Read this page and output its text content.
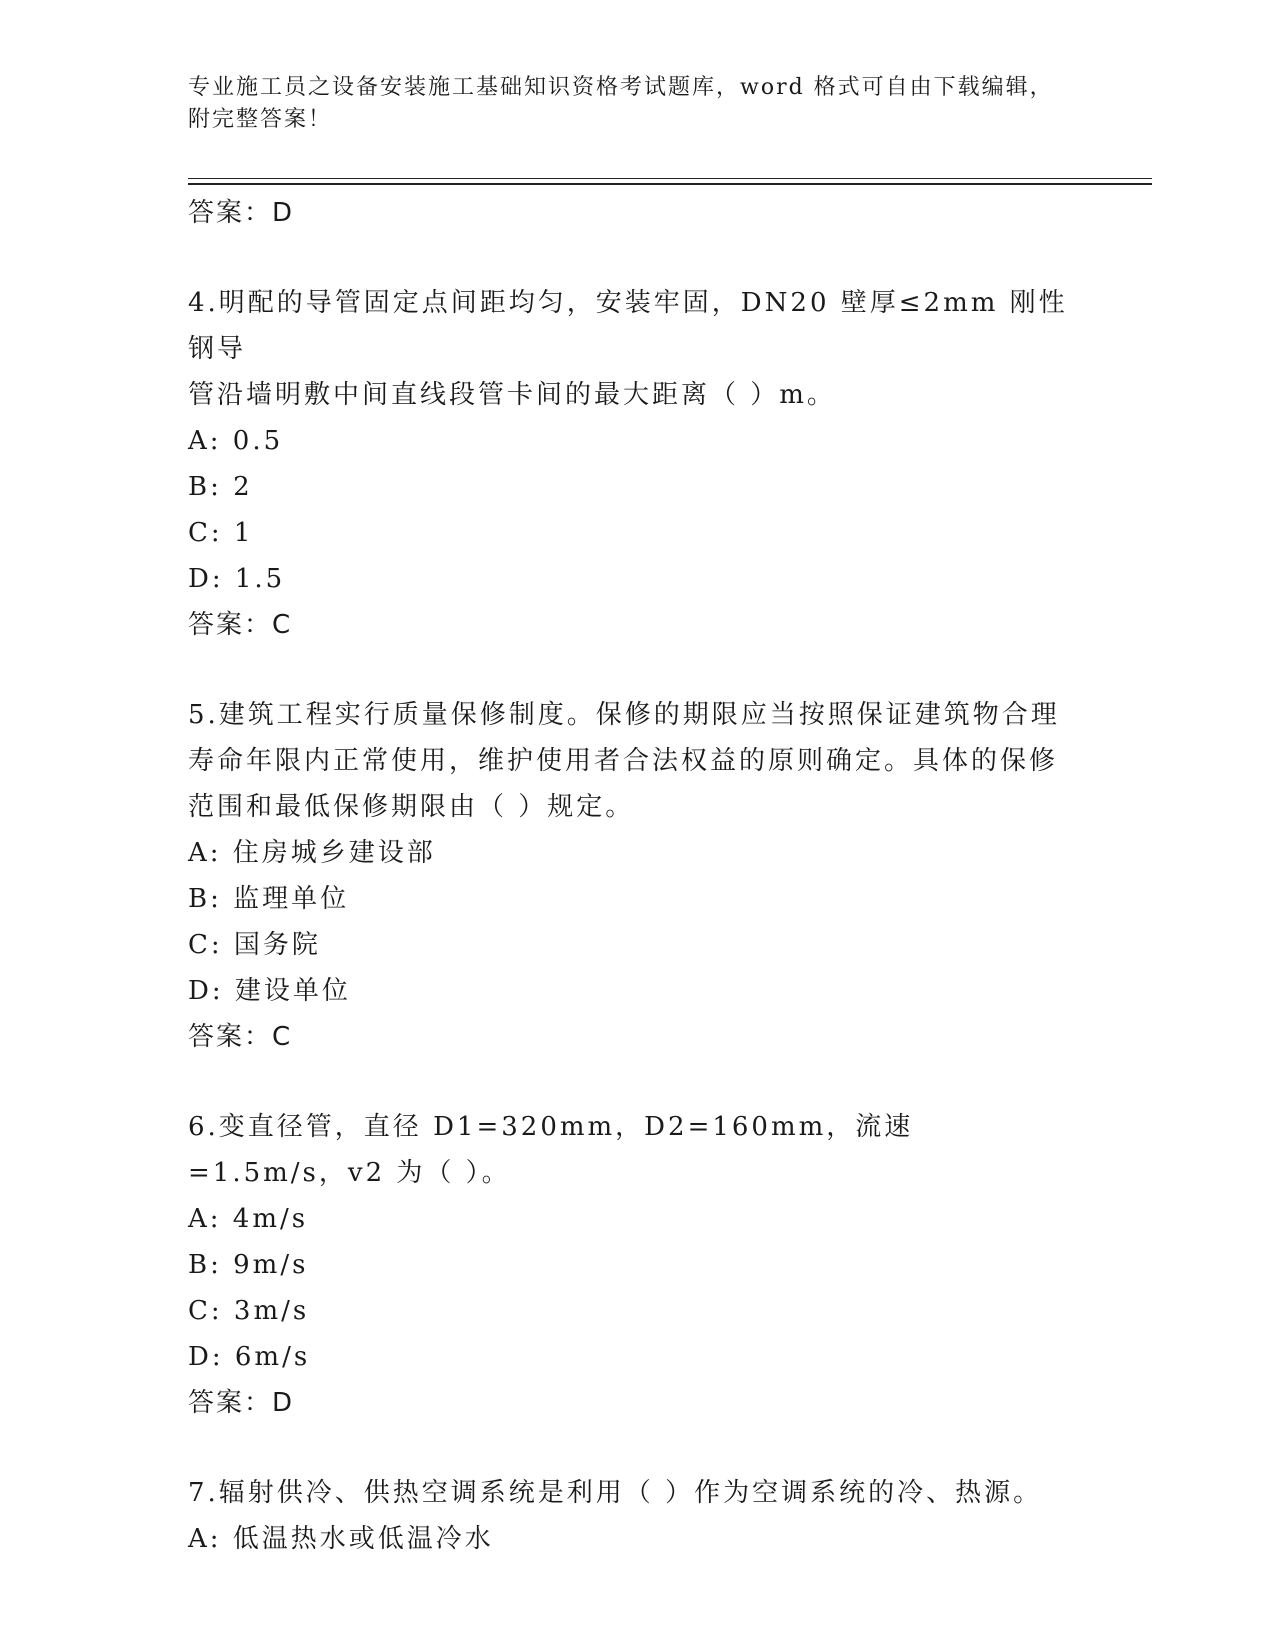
专业施工员之设备安装施工基础知识资格考试题库，word 格式可自由下载编辑，
附完整答案！
答案：D
4.明配的导管固定点间距均匀，安装牢固，DN20 壁厚≤2mm 刚性钢导
管沿墙明敷中间直线段管卡间的最大距离（ ）m。
A: 0.5
B: 2
C: 1
D: 1.5
答案：C
5.建筑工程实行质量保修制度。保修的期限应当按照保证建筑物合理
寿命年限内正常使用，维护使用者合法权益的原则确定。具体的保修
范围和最低保修期限由（ ）规定。
A: 住房城乡建设部
B: 监理单位
C: 国务院
D: 建设单位
答案：C
6.变直径管，直径 D1=320mm，D2=160mm，流速=1.5m/s，v2 为（ ）。
A: 4m/s
B: 9m/s
C: 3m/s
D: 6m/s
答案：D
7.辐射供冷、供热空调系统是利用（ ）作为空调系统的冷、热源。
A: 低温热水或低温冷水
